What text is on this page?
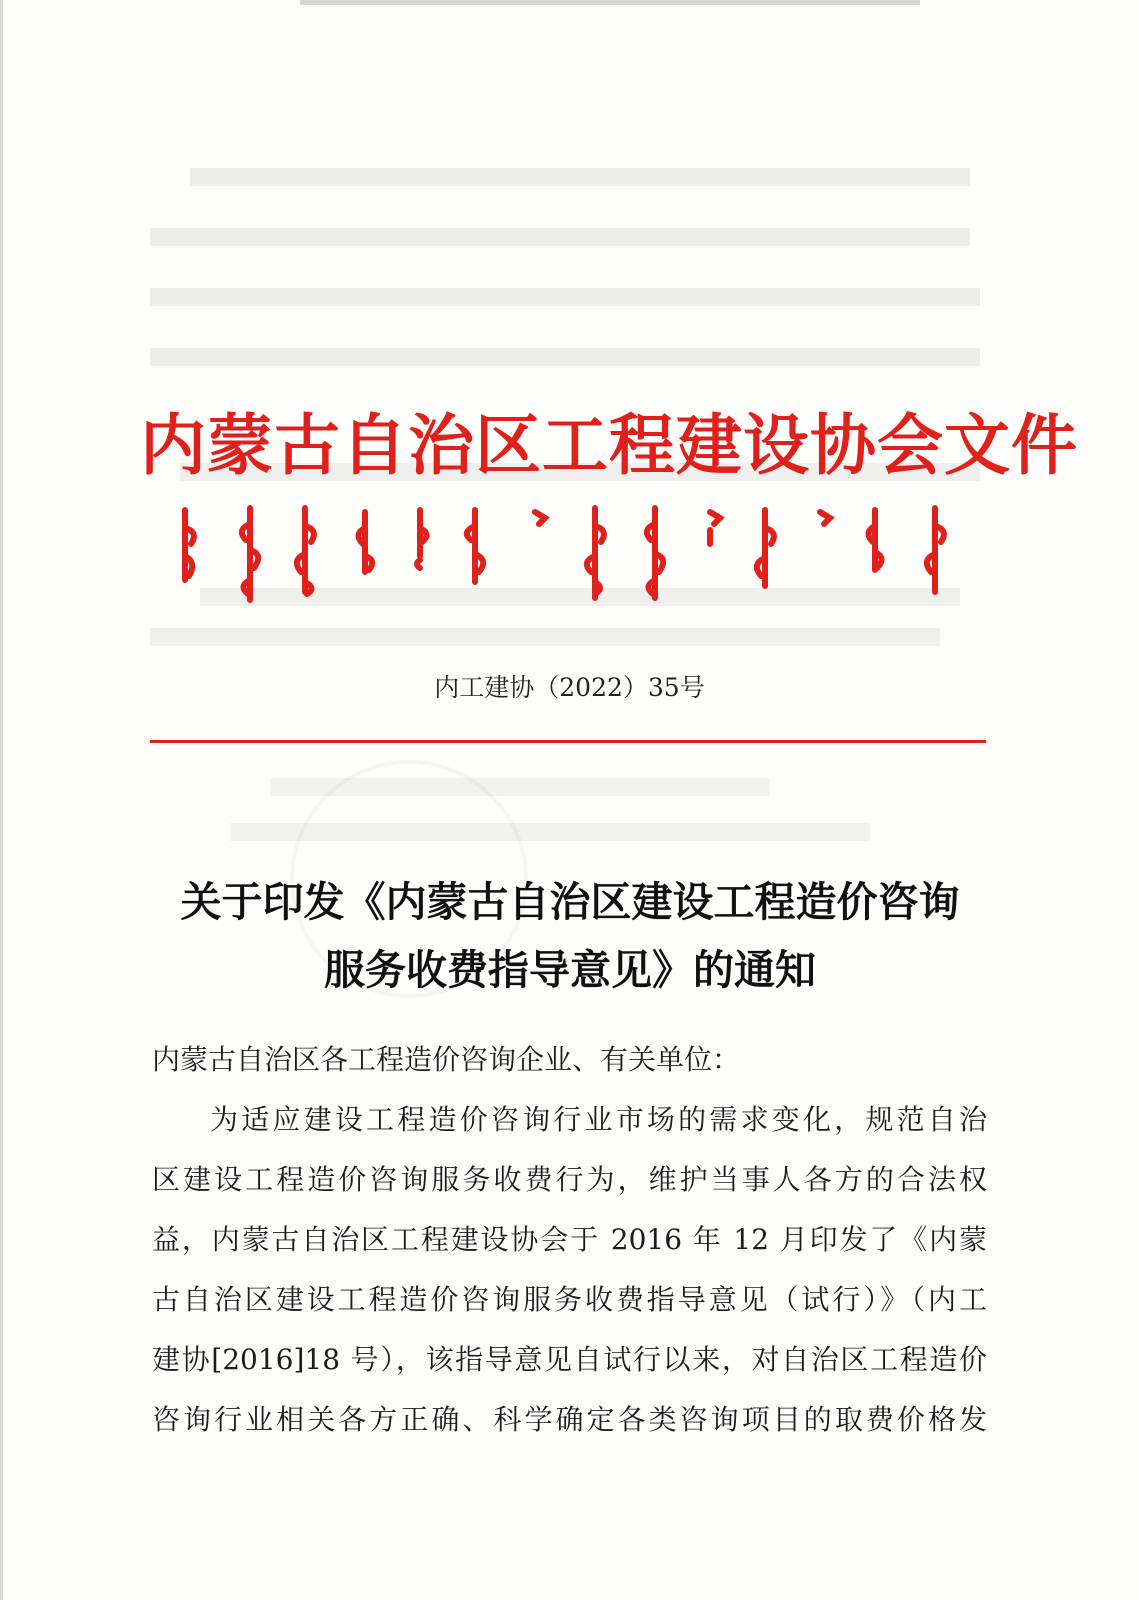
内蒙古自治区工程建设协会文件
内工建协（2022）35号
关于印发《内蒙古自治区建设工程造价咨询
服务收费指导意见》的通知
内蒙古自治区各工程造价咨询企业、有关单位：
为适应建设工程造价咨询行业市场的需求变化，规范自治
区建设工程造价咨询服务收费行为，维护当事人各方的合法权
益，内蒙古自治区工程建设协会于 2016 年 12 月印发了《内蒙
古自治区建设工程造价咨询服务收费指导意见（试行）》（内工
建协[2016]18 号），该指导意见自试行以来，对自治区工程造价
咨询行业相关各方正确、科学确定各类咨询项目的取费价格发
